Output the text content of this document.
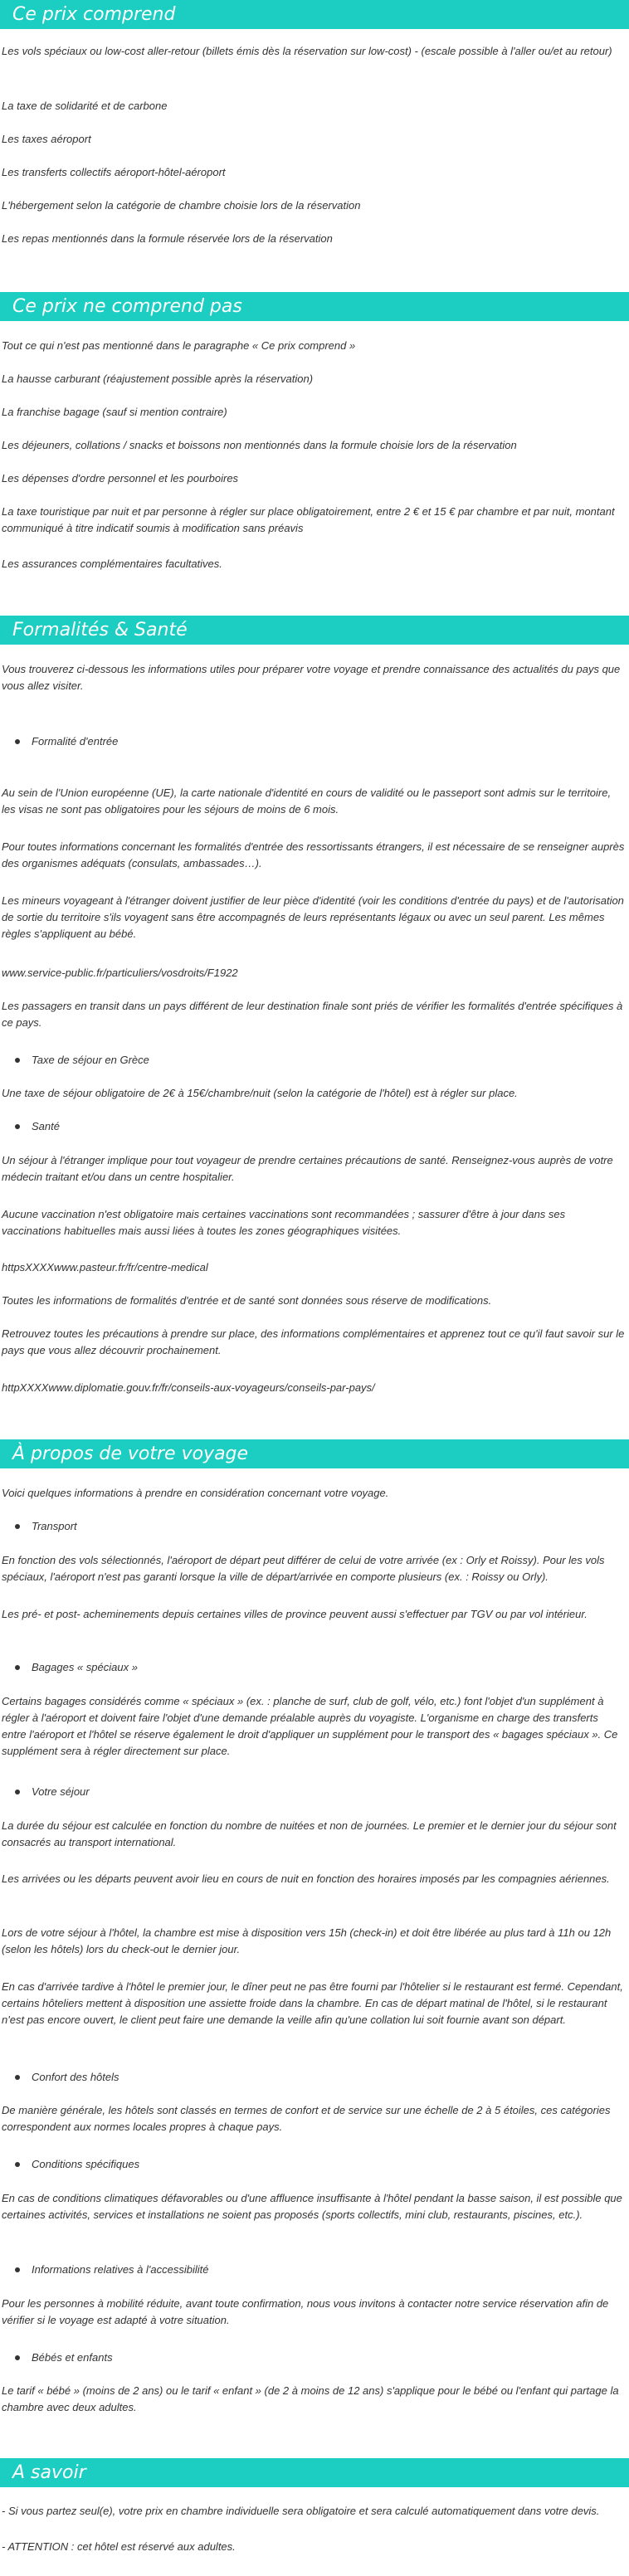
Ce prix comprend

Les vols spéciaux ou low-cost aller-retour (billets émis dès la réservation sur low-cost) - (escale possible à l'aller ou/et au retour)

La taxe de solidarité et de carbone

Les taxes aéroport

Les transferts collectifs aéroport-hôtel-aéroport

L'hébergement selon la catégorie de chambre choisie lors de la réservation

Les repas mentionnés dans la formule réservée lors de la réservation

Ce prix ne comprend pas

Tout ce qui n'est pas mentionné dans le paragraphe « Ce prix comprend »

La hausse carburant (réajustement possible après la réservation)

La franchise bagage (sauf si mention contraire)

Les déjeuners, collations / snacks et boissons non mentionnés dans la formule choisie lors de la réservation

Les dépenses d'ordre personnel et les pourboires

La taxe touristique par nuit et par personne à régler sur place obligatoirement, entre 2 € et 15 € par chambre et par nuit, montant communiqué à titre indicatif soumis à modification sans préavis

Les assurances complémentaires facultatives.

Formalités & Santé

Vous trouverez ci-dessous les informations utiles pour préparer votre voyage et prendre connaissance des actualités du pays que vous allez visiter.

Formalité d'entrée

Au sein de l'Union européenne (UE), la carte nationale d'identité en cours de validité ou le passeport sont admis sur le territoire, les visas ne sont pas obligatoires pour les séjours de moins de 6 mois.

Pour toutes informations concernant les formalités d'entrée des ressortissants étrangers, il est nécessaire de se renseigner auprès des organismes adéquats (consulats, ambassades…).

Les mineurs voyageant à l'étranger doivent justifier de leur pièce d'identité (voir les conditions d'entrée du pays) et de l'autorisation de sortie du territoire s'ils voyagent sans être accompagnés de leurs représentants légaux ou avec un seul parent. Les mêmes règles s'appliquent au bébé.

www.service-public.fr/particuliers/vosdroits/F1922

Les passagers en transit dans un pays différent de leur destination finale sont priés de vérifier les formalités d'entrée spécifiques à ce pays.

Taxe de séjour en Grèce

Une taxe de séjour obligatoire de 2€ à 15€/chambre/nuit (selon la catégorie de l'hôtel) est à régler sur place.

Santé

Un séjour à l'étranger implique pour tout voyageur de prendre certaines précautions de santé. Renseignez-vous auprès de votre médecin traitant et/ou dans un centre hospitalier.

Aucune vaccination n'est obligatoire mais certaines vaccinations sont recommandées ; sassurer d'être à jour dans ses vaccinations habituelles mais aussi liées à toutes les zones géographiques visitées.

httpsXXXXwww.pasteur.fr/fr/centre-medical

Toutes les informations de formalités d'entrée et de santé sont données sous réserve de modifications.

Retrouvez toutes les précautions à prendre sur place, des informations complémentaires et apprenez tout ce qu'il faut savoir sur le pays que vous allez découvrir prochainement.

httpXXXXwww.diplomatie.gouv.fr/fr/conseils-aux-voyageurs/conseils-par-pays/

À propos de votre voyage

Voici quelques informations à prendre en considération concernant votre voyage.

Transport

En fonction des vols sélectionnés, l'aéroport de départ peut différer de celui de votre arrivée (ex : Orly et Roissy). Pour les vols spéciaux, l'aéroport n'est pas garanti lorsque la ville de départ/arrivée en comporte plusieurs (ex. : Roissy ou Orly).

Les pré- et post- acheminements depuis certaines villes de province peuvent aussi s'effectuer par TGV ou par vol intérieur.

Bagages « spéciaux »

Certains bagages considérés comme « spéciaux » (ex. : planche de surf, club de golf, vélo, etc.) font l'objet d'un supplément à régler à l'aéroport et doivent faire l'objet d'une demande préalable auprès du voyagiste. L'organisme en charge des transferts entre l'aéroport et l'hôtel se réserve également le droit d'appliquer un supplément pour le transport des « bagages spéciaux ». Ce supplément sera à régler directement sur place.

Votre séjour

La durée du séjour est calculée en fonction du nombre de nuitées et non de journées. Le premier et le dernier jour du séjour sont consacrés au transport international.

Les arrivées ou les départs peuvent avoir lieu en cours de nuit en fonction des horaires imposés par les compagnies aériennes.

Lors de votre séjour à l'hôtel, la chambre est mise à disposition vers 15h (check-in) et doit être libérée au plus tard à 11h ou 12h (selon les hôtels) lors du check-out le dernier jour.

En cas d'arrivée tardive à l'hôtel le premier jour, le dîner peut ne pas être fourni par l'hôtelier si le restaurant est fermé. Cependant, certains hôteliers mettent à disposition une assiette froide dans la chambre. En cas de départ matinal de l'hôtel, si le restaurant n'est pas encore ouvert, le client peut faire une demande la veille afin qu'une collation lui soit fournie avant son départ.

Confort des hôtels

De manière générale, les hôtels sont classés en termes de confort et de service sur une échelle de 2 à 5 étoiles, ces catégories correspondent aux normes locales propres à chaque pays.

Conditions spécifiques

En cas de conditions climatiques défavorables ou d'une affluence insuffisante à l'hôtel pendant la basse saison, il est possible que certaines activités, services et installations ne soient pas proposés (sports collectifs, mini club, restaurants, piscines, etc.).

Informations relatives à l'accessibilité

Pour les personnes à mobilité réduite, avant toute confirmation, nous vous invitons à contacter notre service réservation afin de vérifier si le voyage est adapté à votre situation.

Bébés et enfants

Le tarif « bébé » (moins de 2 ans) ou le tarif « enfant » (de 2 à moins de 12 ans) s'applique pour le bébé ou l'enfant qui partage la chambre avec deux adultes.

A savoir

- Si vous partez seul(e), votre prix en chambre individuelle sera obligatoire et sera calculé automatiquement dans votre devis.

- ATTENTION : cet hôtel est réservé aux adultes.
